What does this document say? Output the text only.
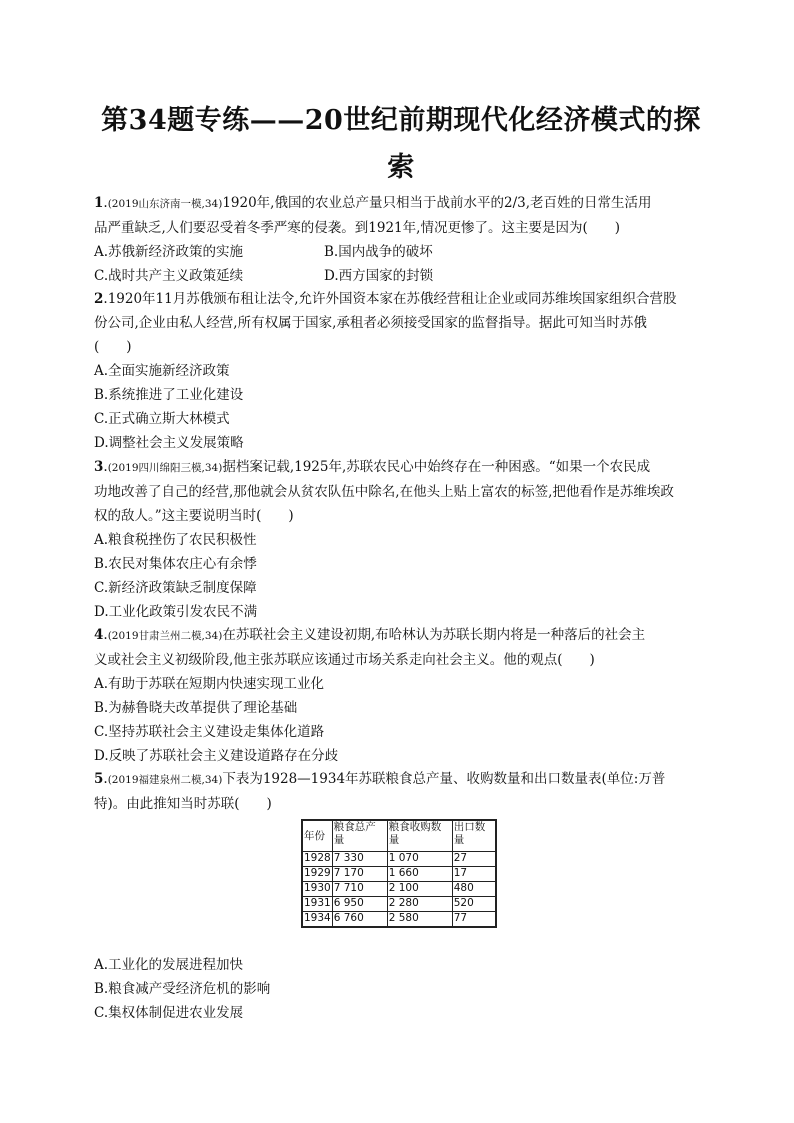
第34题专练——20世纪前期现代化经济模式的探
索
1.(2019山东济南一模,34)1920年,俄国的农业总产量只相当于战前水平的2/3,老百姓的日常生活用
品严重缺乏,人们要忍受着冬季严寒的侵袭。到1921年,情况更惨了。这主要是因为(　　)
A.苏俄新经济政策的实施	B.国内战争的破坏
C.战时共产主义政策延续	D.西方国家的封锁
2.1920年11月苏俄颁布租让法令,允许外国资本家在苏俄经营租让企业或同苏维埃国家组织合营股
份公司,企业由私人经营,所有权属于国家,承租者必须接受国家的监督指导。据此可知当时苏俄
(　　)
A.全面实施新经济政策
B.系统推进了工业化建设
C.正式确立斯大林模式
D.调整社会主义发展策略
3.(2019四川绵阳三模,34)据档案记载,1925年,苏联农民心中始终存在一种困惑。“如果一个农民成
功地改善了自己的经营,那他就会从贫农队伍中除名,在他头上贴上富农的标签,把他看作是苏维埃政
权的敌人。”这主要说明当时(　　)
A.粮食税挫伤了农民积极性
B.农民对集体农庄心有余悸
C.新经济政策缺乏制度保障
D.工业化政策引发农民不满
4.(2019甘肃兰州二模,34)在苏联社会主义建设初期,布哈林认为苏联长期内将是一种落后的社会主
义或社会主义初级阶段,他主张苏联应该通过市场关系走向社会主义。他的观点(　　)
A.有助于苏联在短期内快速实现工业化
B.为赫鲁晓夫改革提供了理论基础
C.坚持苏联社会主义建设走集体化道路
D.反映了苏联社会主义建设道路存在分歧
5.(2019福建泉州二模,34)下表为1928—1934年苏联粮食总产量、收购数量和出口数量表(单位:万普
特)。由此推知当时苏联(　　)
年份	粮食总产量	粮食收购数量	出口数量
1928	7 330	1 070	27
1929	7 170	1 660	17
1930	7 710	2 100	480
1931	6 950	2 280	520
1934	6 760	2 580	77
A.工业化的发展进程加快
B.粮食减产受经济危机的影响
C.集权体制促进农业发展
